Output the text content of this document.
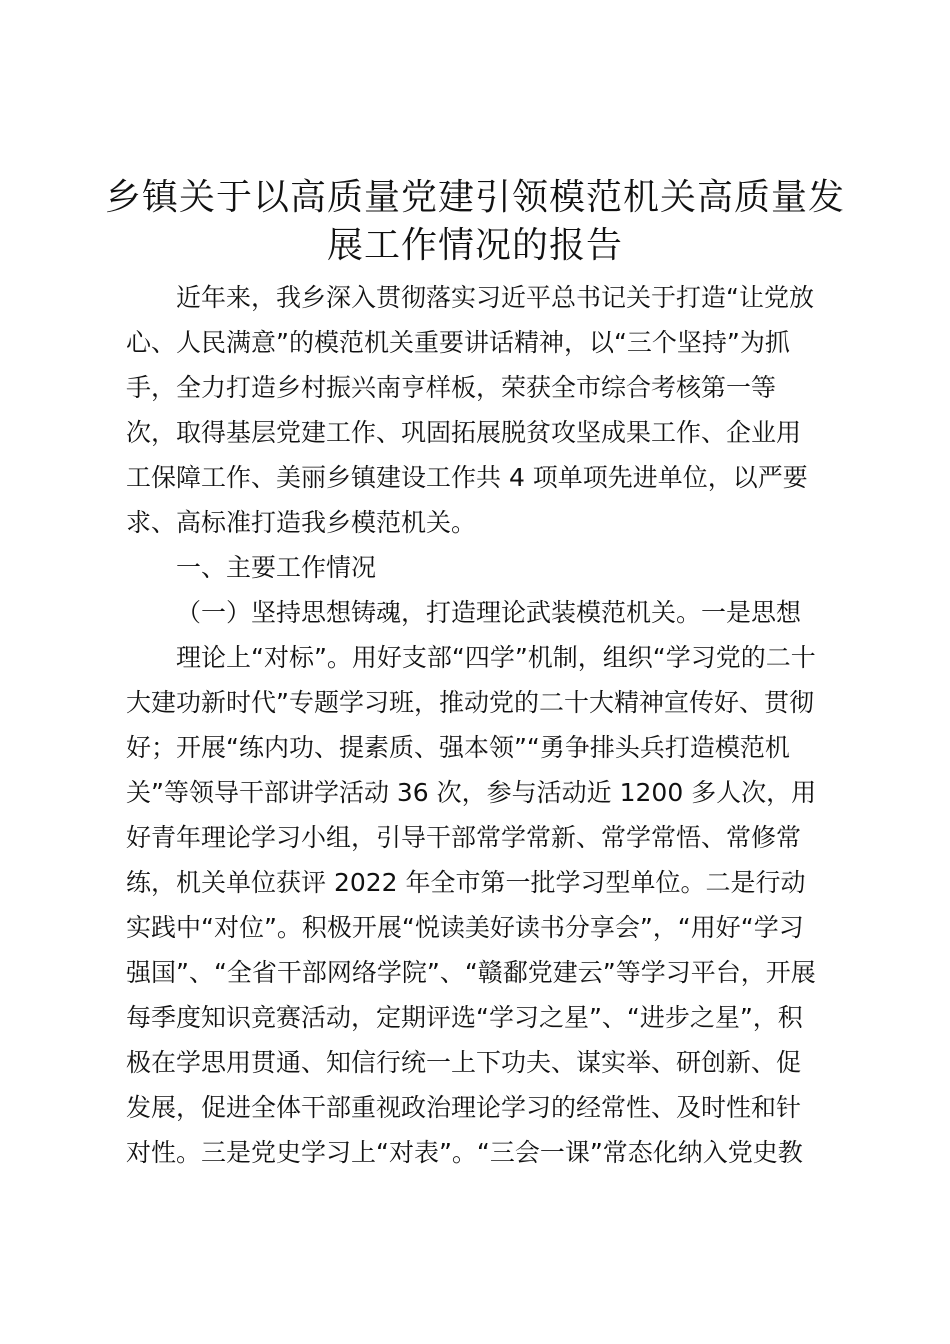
乡镇关于以高质量党建引领模范机关高质量发
展工作情况的报告
近年来，我乡深入贯彻落实习近平总书记关于打造“让党放
心、人民满意”的模范机关重要讲话精神，以“三个坚持”为抓
手，全力打造乡村振兴南亨样板，荣获全市综合考核第一等
次，取得基层党建工作、巩固拓展脱贫攻坚成果工作、企业用
工保障工作、美丽乡镇建设工作共 4 项单项先进单位，以严要
求、高标准打造我乡模范机关。
一、主要工作情况
（一）坚持思想铸魂，打造理论武装模范机关。一是思想
理论上“对标”。用好支部“四学”机制，组织“学习党的二十
大建功新时代”专题学习班，推动党的二十大精神宣传好、贯彻
好；开展“练内功、提素质、强本领”“勇争排头兵打造模范机
关”等领导干部讲学活动 36 次，参与活动近 1200 多人次，用
好青年理论学习小组，引导干部常学常新、常学常悟、常修常
练，机关单位获评 2022 年全市第一批学习型单位。二是行动
实践中“对位”。积极开展“悦读美好读书分享会”，“用好“学习
强国”、“全省干部网络学院”、“赣鄱党建云”等学习平台，开展
每季度知识竞赛活动，定期评选“学习之星”、“进步之星”，积
极在学思用贯通、知信行统一上下功夫、谋实举、研创新、促
发展，促进全体干部重视政治理论学习的经常性、及时性和针
对性。三是党史学习上“对表”。“三会一课”常态化纳入党史教
